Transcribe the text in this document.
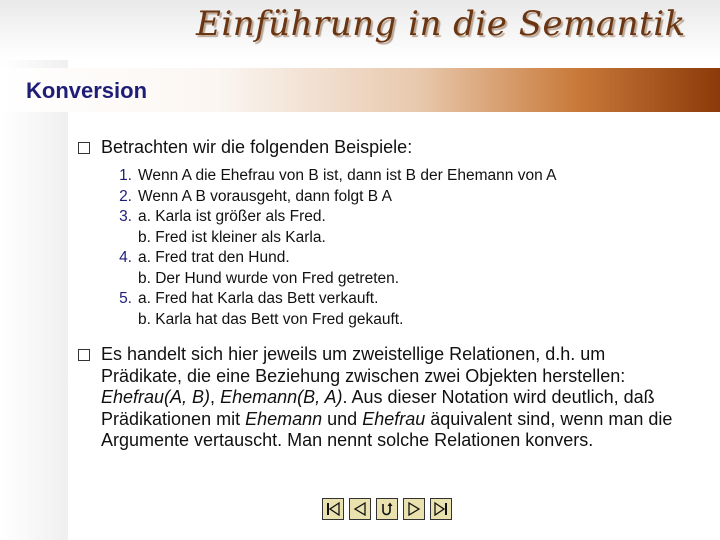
Einführung in die Semantik
Konversion
Betrachten wir die folgenden Beispiele:
1. Wenn A die Ehefrau von B ist, dann ist B der Ehemann von A
2. Wenn A B vorausgeht, dann folgt B A
3. a. Karla ist größer als Fred.
b. Fred ist kleiner als Karla.
4. a. Fred trat den Hund.
b. Der Hund wurde von Fred getreten.
5. a. Fred hat Karla das Bett verkauft.
b. Karla hat das Bett von Fred gekauft.
Es handelt sich hier jeweils um zweistellige Relationen, d.h. um Prädikate, die eine Beziehung zwischen zwei Objekten herstellen: Ehefrau(A, B), Ehemann(B, A). Aus dieser Notation wird deutlich, daß Prädikationen mit Ehemann und Ehefrau äquivalent sind, wenn man die Argumente vertauscht. Man nennt solche Relationen konvers.
